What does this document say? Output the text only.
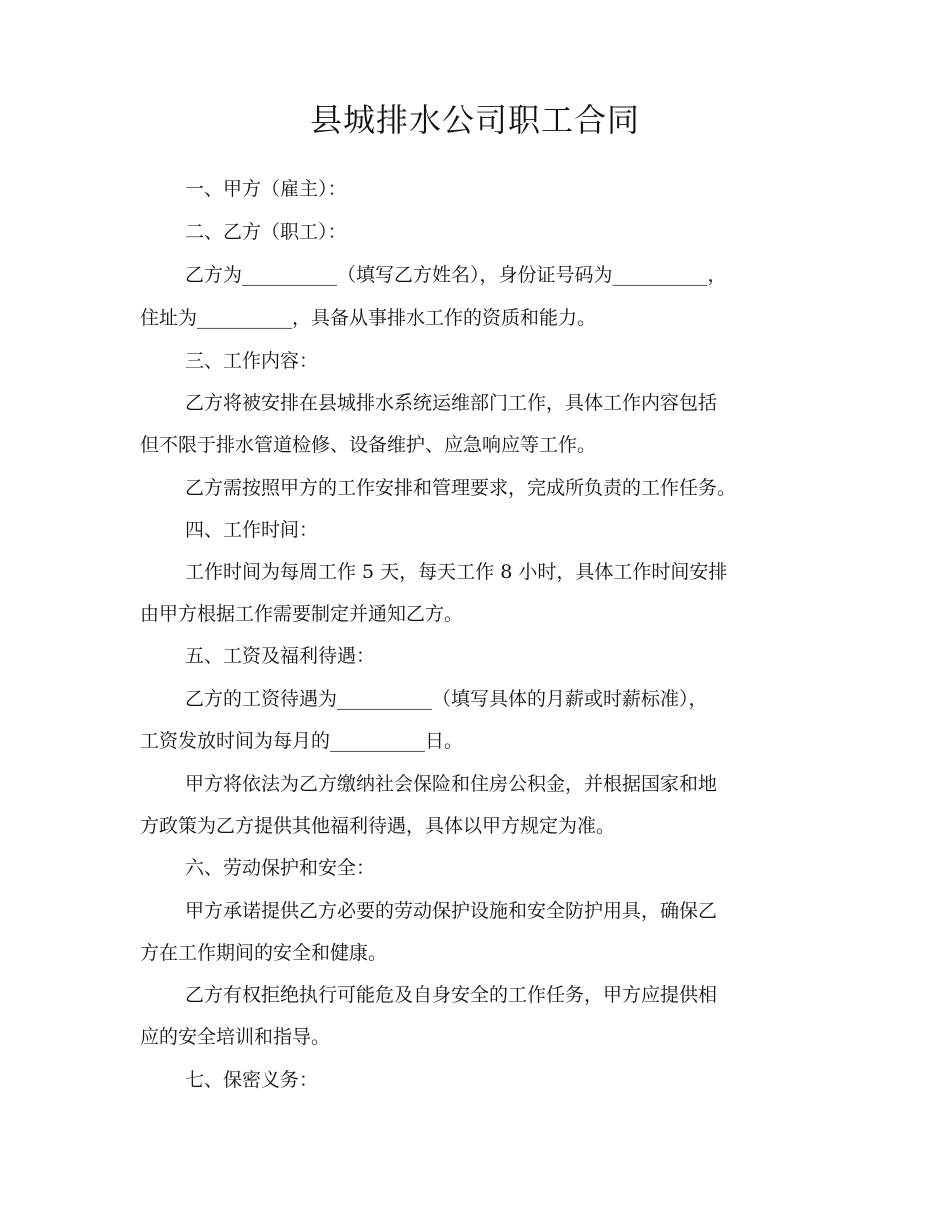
县城排水公司职工合同
一、甲方（雇主）：
二、乙方（职工）：
乙方为__________（填写乙方姓名），身份证号码为__________，
住址为__________，具备从事排水工作的资质和能力。
三、工作内容：
乙方将被安排在县城排水系统运维部门工作，具体工作内容包括
但不限于排水管道检修、设备维护、应急响应等工作。
乙方需按照甲方的工作安排和管理要求，完成所负责的工作任务。
四、工作时间：
工作时间为每周工作 5 天，每天工作 8 小时，具体工作时间安排
由甲方根据工作需要制定并通知乙方。
五、工资及福利待遇：
乙方的工资待遇为__________（填写具体的月薪或时薪标准），
工资发放时间为每月的__________日。
甲方将依法为乙方缴纳社会保险和住房公积金，并根据国家和地
方政策为乙方提供其他福利待遇，具体以甲方规定为准。
六、劳动保护和安全：
甲方承诺提供乙方必要的劳动保护设施和安全防护用具，确保乙
方在工作期间的安全和健康。
乙方有权拒绝执行可能危及自身安全的工作任务，甲方应提供相
应的安全培训和指导。
七、保密义务：
